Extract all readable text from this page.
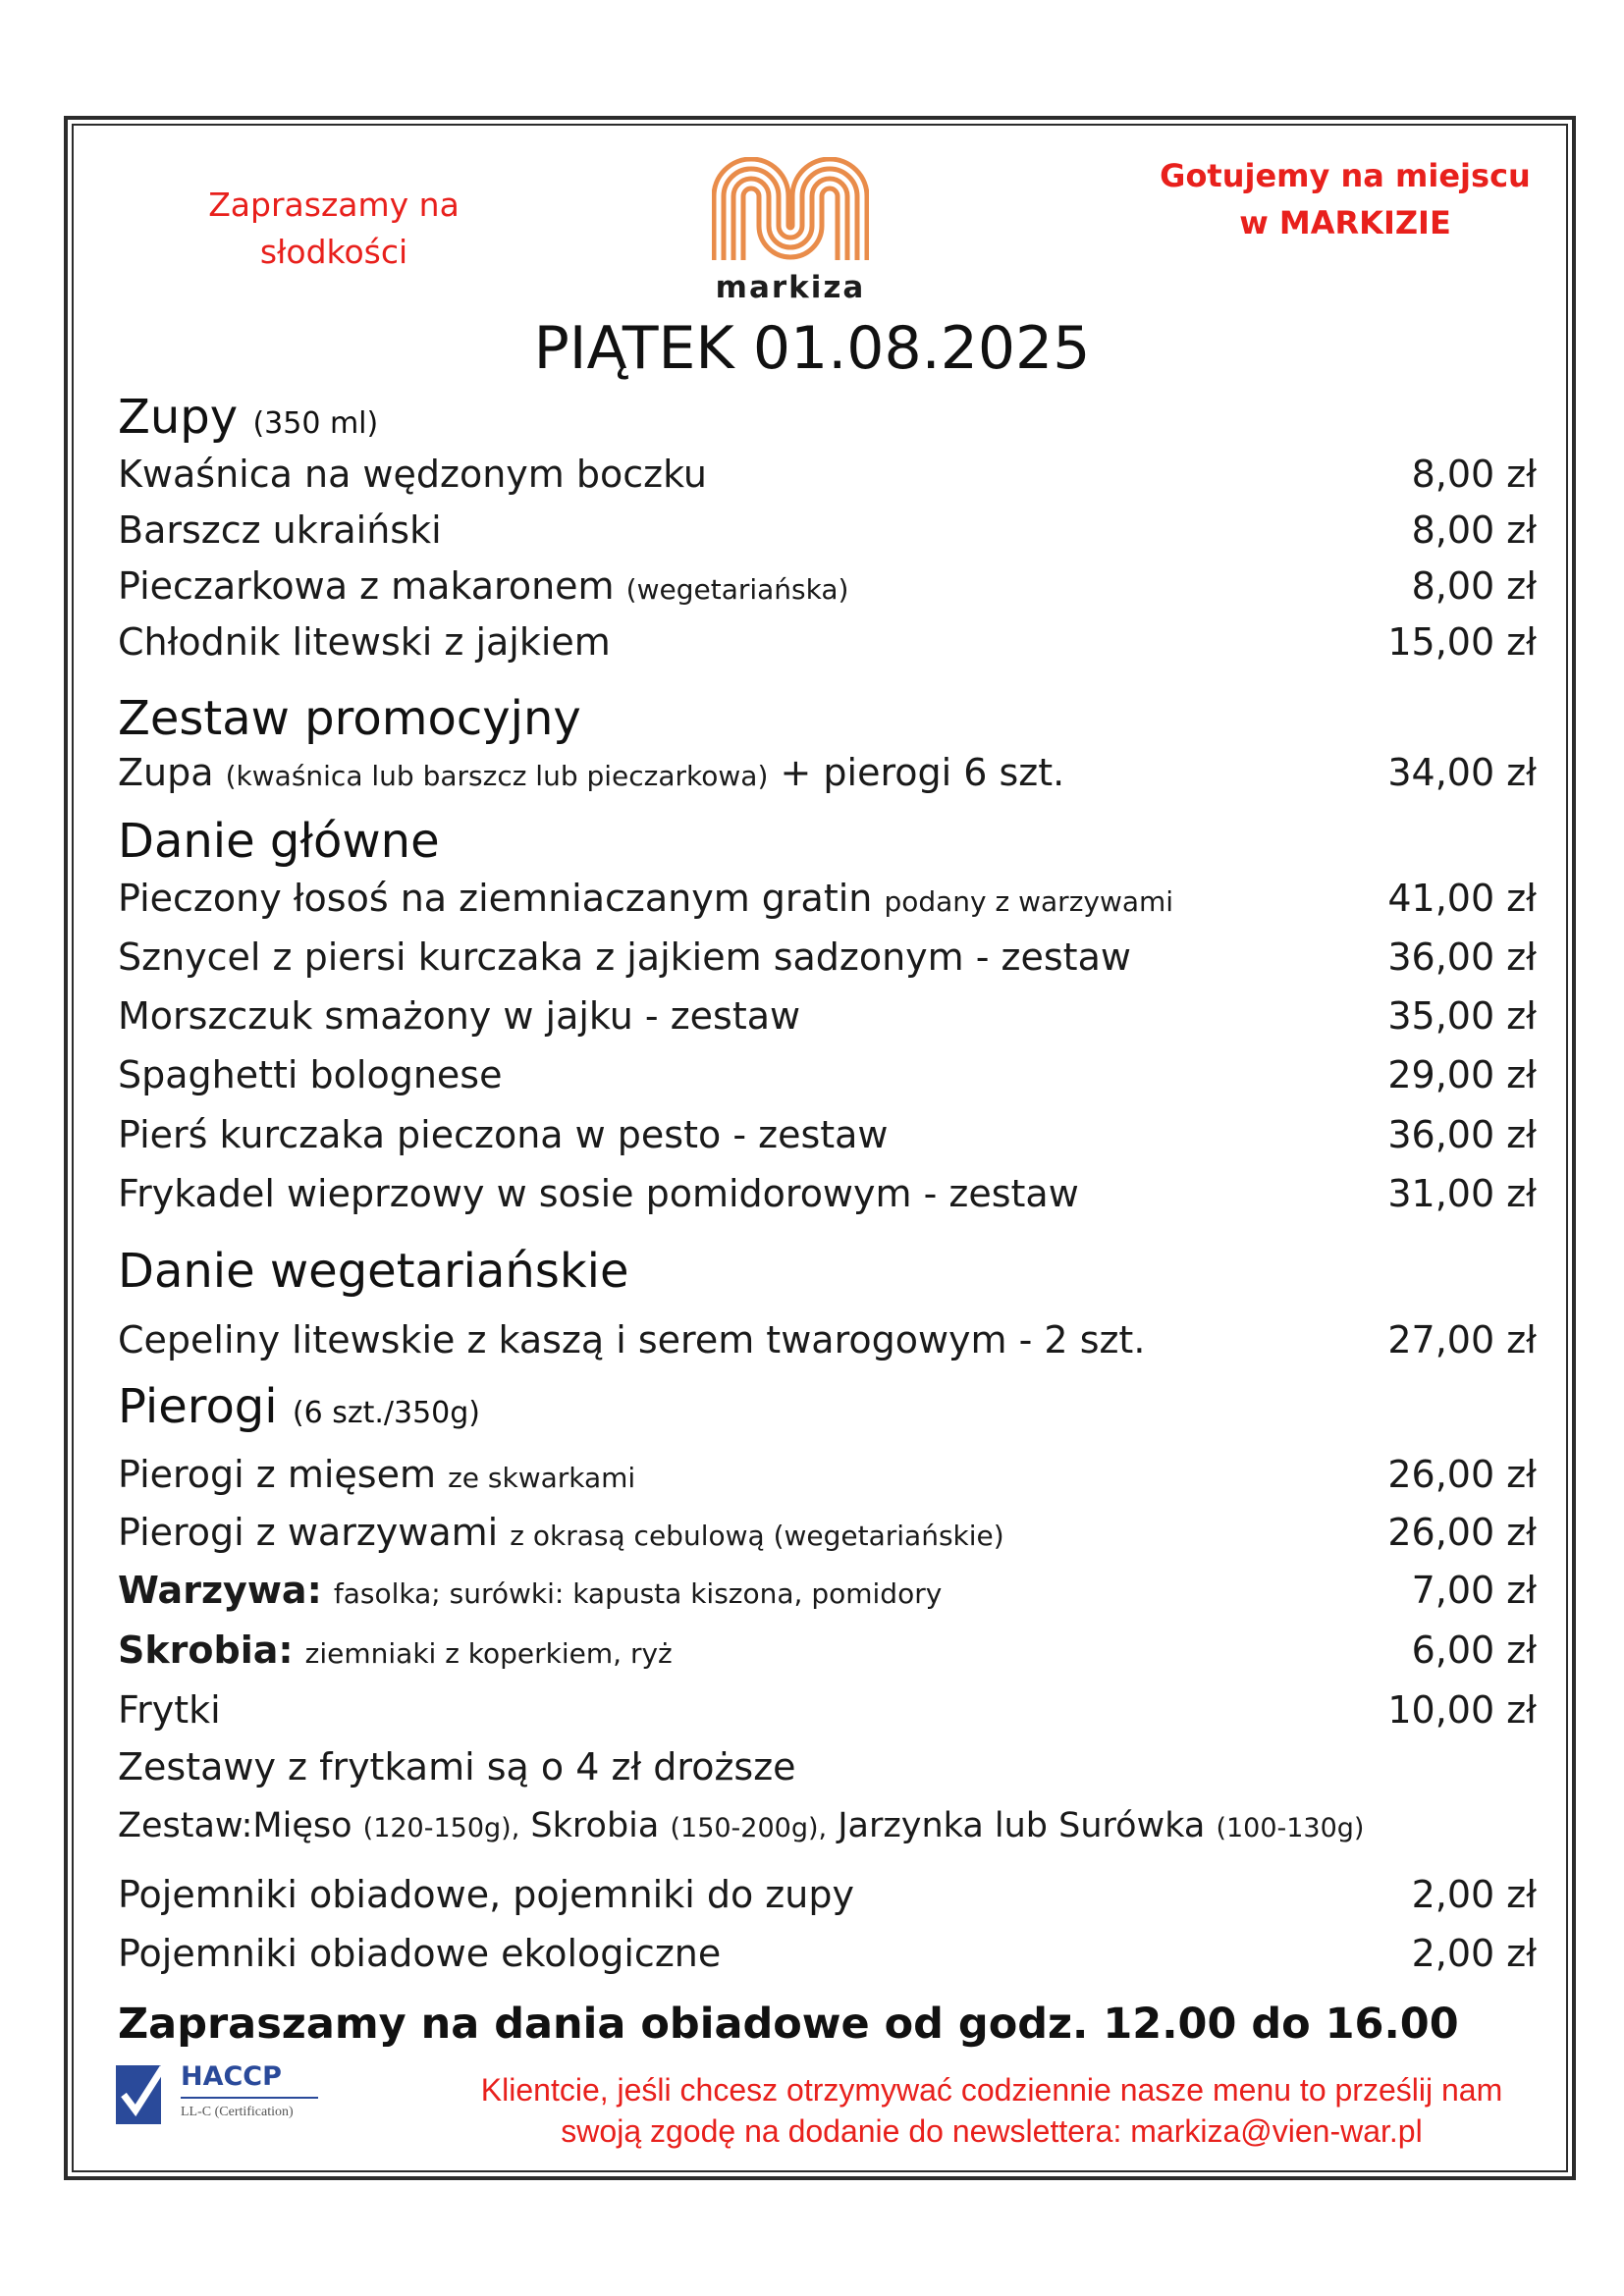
Zapraszamy na
słodkości
markiza
Gotujemy na miejscu
w MARKIZIE
PIĄTEK 01.08.2025
Zupy (350 ml)
Kwaśnica na wędzonym boczku	8,00 zł
Barszcz ukraiński	8,00 zł
Pieczarkowa z makaronem (wegetariańska)	8,00 zł
Chłodnik litewski z jajkiem	15,00 zł
Zestaw promocyjny
Zupa (kwaśnica lub barszcz lub pieczarkowa) + pierogi 6 szt.	34,00 zł
Danie główne
Pieczony łosoś na ziemniaczanym gratin podany z warzywami	41,00 zł
Sznycel z piersi kurczaka z jajkiem sadzonym - zestaw	36,00 zł
Morszczuk smażony w jajku - zestaw	35,00 zł
Spaghetti bolognese	29,00 zł
Pierś kurczaka pieczona w pesto - zestaw	36,00 zł
Frykadel wieprzowy w sosie pomidorowym - zestaw	31,00 zł
Danie wegetariańskie
Cepeliny litewskie z kaszą i serem twarogowym - 2 szt.	27,00 zł
Pierogi (6 szt./350g)
Pierogi z mięsem ze skwarkami	26,00 zł
Pierogi z warzywami z okrasą cebulową (wegetariańskie)	26,00 zł
Warzywa: fasolka; surówki: kapusta kiszona, pomidory	7,00 zł
Skrobia: ziemniaki z koperkiem, ryż	6,00 zł
Frytki	10,00 zł
Zestawy z frytkami są o 4 zł droższe
Zestaw:Mięso (120-150g), Skrobia (150-200g), Jarzynka lub Surówka (100-130g)
Pojemniki obiadowe, pojemniki do zupy	2,00 zł
Pojemniki obiadowe ekologiczne	2,00 zł
Zapraszamy na dania obiadowe od godz. 12.00 do 16.00
HACCP
LL-C (Certification)
Klientcie, jeśli chcesz otrzymywać codziennie nasze menu to prześlij nam
swoją zgodę na dodanie do newslettera: markiza@vien-war.pl
